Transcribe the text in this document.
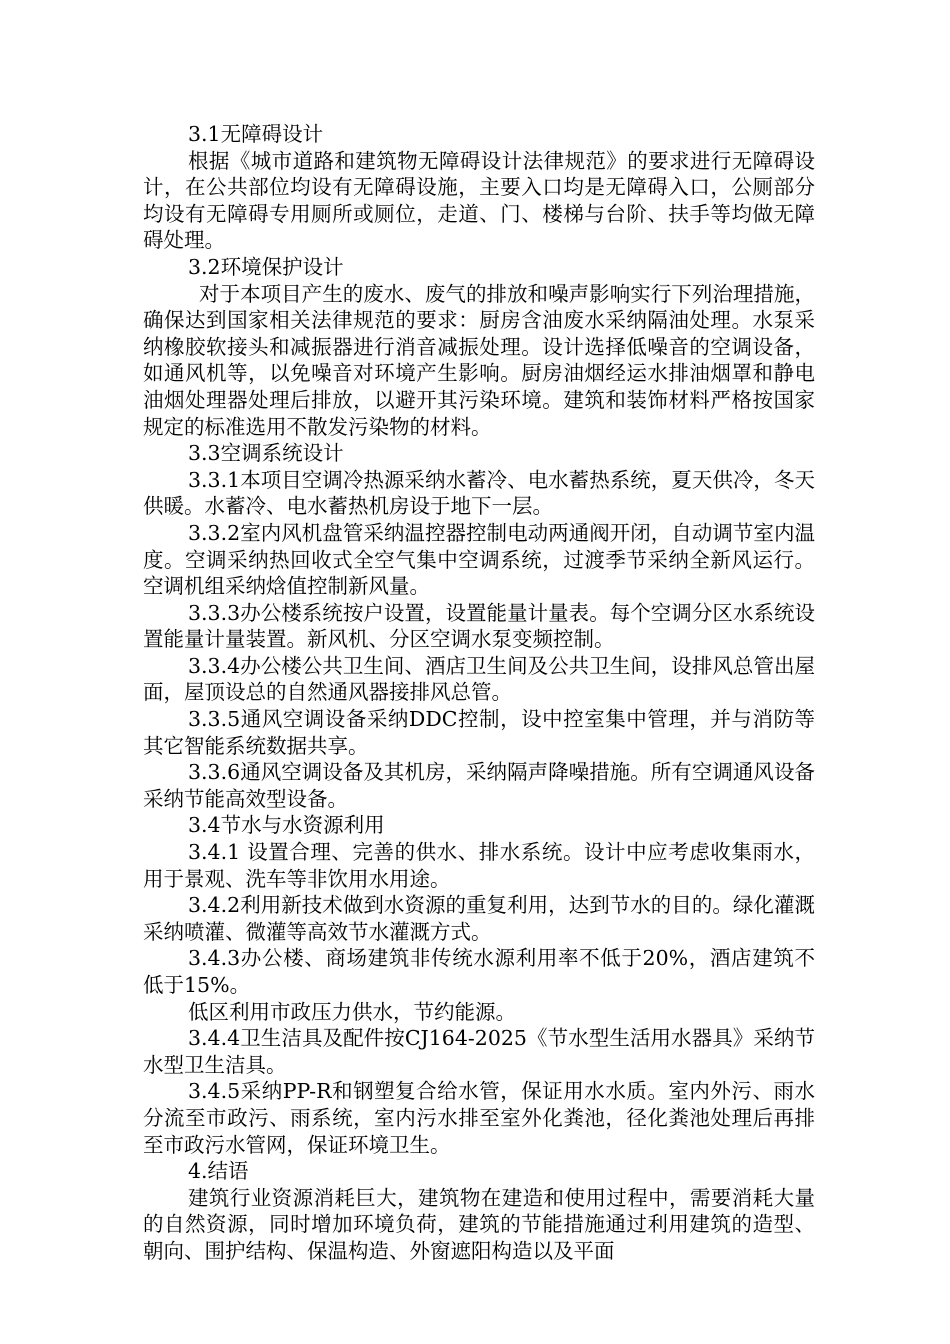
3.1无障碍设计

根据《城市道路和建筑物无障碍设计法律规范》的要求进行无障碍设计，在公共部位均设有无障碍设施，主要入口均是无障碍入口，公厕部分均设有无障碍专用厕所或厕位，走道、门、楼梯与台阶、扶手等均做无障碍处理。

3.2环境保护设计

对于本项目产生的废水、废气的排放和噪声影响实行下列治理措施，确保达到国家相关法律规范的要求：厨房含油废水采纳隔油处理。水泵采纳橡胶软接头和减振器进行消音减振处理。设计选择低噪音的空调设备，如通风机等，以免噪音对环境产生影响。厨房油烟经运水排油烟罩和静电油烟处理器处理后排放，以避开其污染环境。建筑和装饰材料严格按国家规定的标准选用不散发污染物的材料。

3.3空调系统设计

3.3.1本项目空调冷热源采纳水蓄冷、电水蓄热系统，夏天供冷，冬天供暖。水蓄冷、电水蓄热机房设于地下一层。

3.3.2室内风机盘管采纳温控器控制电动两通阀开闭，自动调节室内温度。空调采纳热回收式全空气集中空调系统，过渡季节采纳全新风运行。空调机组采纳焓值控制新风量。

3.3.3办公楼系统按户设置，设置能量计量表。每个空调分区水系统设置能量计量装置。新风机、分区空调水泵变频控制。

3.3.4办公楼公共卫生间、酒店卫生间及公共卫生间，设排风总管出屋面，屋顶设总的自然通风器接排风总管。

3.3.5通风空调设备采纳DDC控制，设中控室集中管理，并与消防等其它智能系统数据共享。

3.3.6通风空调设备及其机房，采纳隔声降噪措施。所有空调通风设备采纳节能高效型设备。

3.4节水与水资源利用

3.4.1 设置合理、完善的供水、排水系统。设计中应考虑收集雨水，用于景观、洗车等非饮用水用途。

3.4.2利用新技术做到水资源的重复利用，达到节水的目的。绿化灌溉采纳喷灌、微灌等高效节水灌溉方式。

3.4.3办公楼、商场建筑非传统水源利用率不低于20%，酒店建筑不低于15%。

低区利用市政压力供水，节约能源。

3.4.4卫生洁具及配件按CJ164-2025《节水型生活用水器具》采纳节水型卫生洁具。

3.4.5采纳PP-R和钢塑复合给水管，保证用水水质。室内外污、雨水分流至市政污、雨系统，室内污水排至室外化粪池，径化粪池处理后再排至市政污水管网，保证环境卫生。

4.结语

建筑行业资源消耗巨大，建筑物在建造和使用过程中，需要消耗大量的自然资源，同时增加环境负荷，建筑的节能措施通过利用建筑的造型、朝向、围护结构、保温构造、外窗遮阳构造以及平面
